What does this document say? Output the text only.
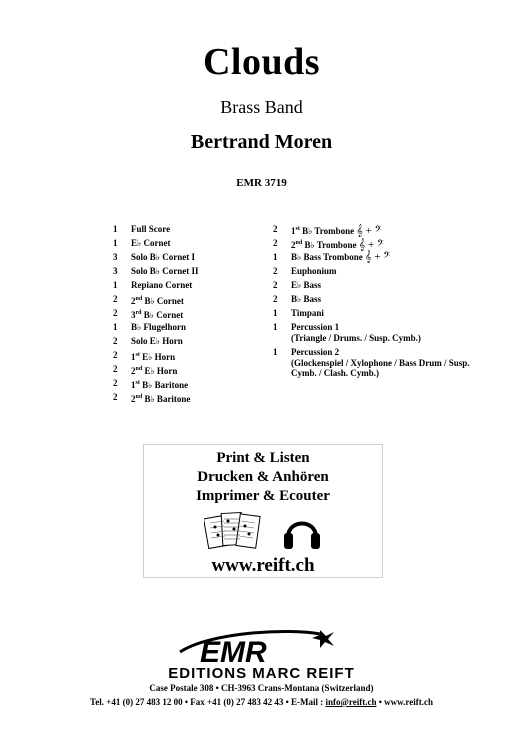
Clouds
Brass Band
Bertrand Moren
EMR 3719
1	Full Score
1	E♭ Cornet
3	Solo B♭ Cornet I
3	Solo B♭ Cornet II
1	Repiano Cornet
2	2nd B♭ Cornet
2	3rd B♭ Cornet
1	B♭ Flugelhorn
2	Solo E♭ Horn
2	1st E♭ Horn
2	2nd E♭ Horn
2	1st B♭ Baritone
2	2nd B♭ Baritone
2	1st B♭ Trombone 𝄞 + 𝄢
2	2nd B♭ Trombone 𝄞 + 𝄢
1	B♭ Bass Trombone 𝄞 + 𝄢
2	Euphonium
2	E♭ Bass
2	B♭ Bass
1	Timpani
1	Percussion 1
(Triangle / Drums. / Susp. Cymb.)
1	Percussion 2
(Glockenspiel / Xylophone / Bass Drum / Susp. Cymb. / Clash. Cymb.)
Print & Listen
Drucken & Anhören
Imprimer & Ecouter
www.reift.ch
EMR
EDITIONS MARC REIFT
Case Postale 308 • CH-3963 Crans-Montana (Switzerland)
Tel. +41 (0) 27 483 12 00 • Fax +41 (0) 27 483 42 43 • E-Mail : info@reift.ch • www.reift.ch
